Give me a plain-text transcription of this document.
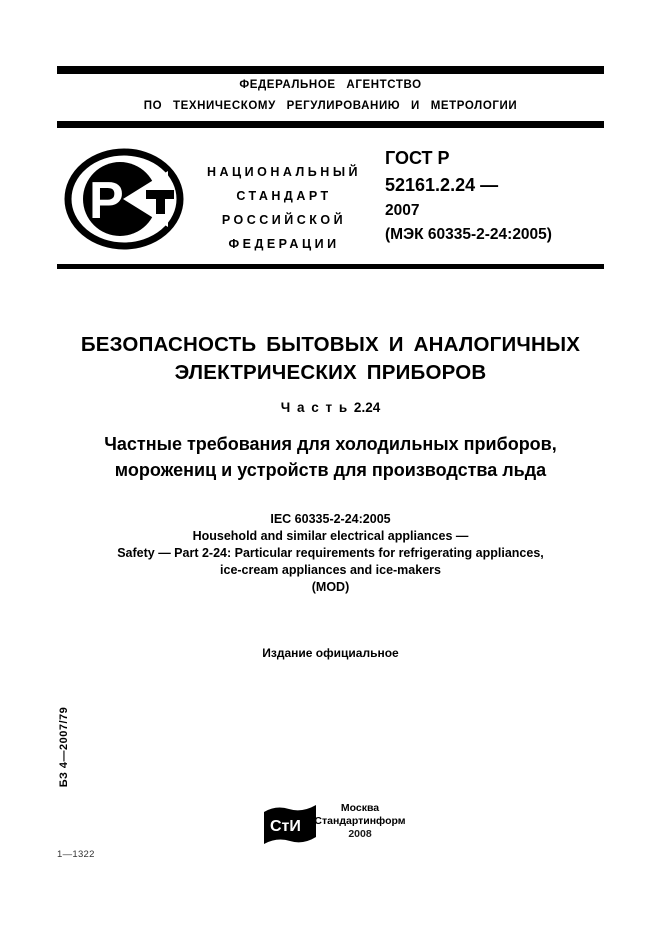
ФЕДЕРАЛЬНОЕ АГЕНТСТВО
ПО ТЕХНИЧЕСКОМУ РЕГУЛИРОВАНИЮ И МЕТРОЛОГИИ
Р	НАЦИОНАЛЬНЫЙ
СТАНДАРТ
РОССИЙСКОЙ
ФЕДЕРАЦИИ
ГОСТ Р
52161.2.24 —
2007
(МЭК 60335-2-24:2005)
БЕЗОПАСНОСТЬ БЫТОВЫХ И АНАЛОГИЧНЫХ
ЭЛЕКТРИЧЕСКИХ ПРИБОРОВ
Ч а с т ь 2.24
Частные требования для холодильных приборов,
морожениц и устройств для производства льда
IEC 60335-2-24:2005
Household and similar electrical appliances —
Safety — Part 2-24: Particular requirements for refrigerating appliances,
ice-cream appliances and ice-makers
(MOD)
Издание официальное
БЗ 4—2007/79
СтИ
Москва
Стандартинформ
2008
1—1322
